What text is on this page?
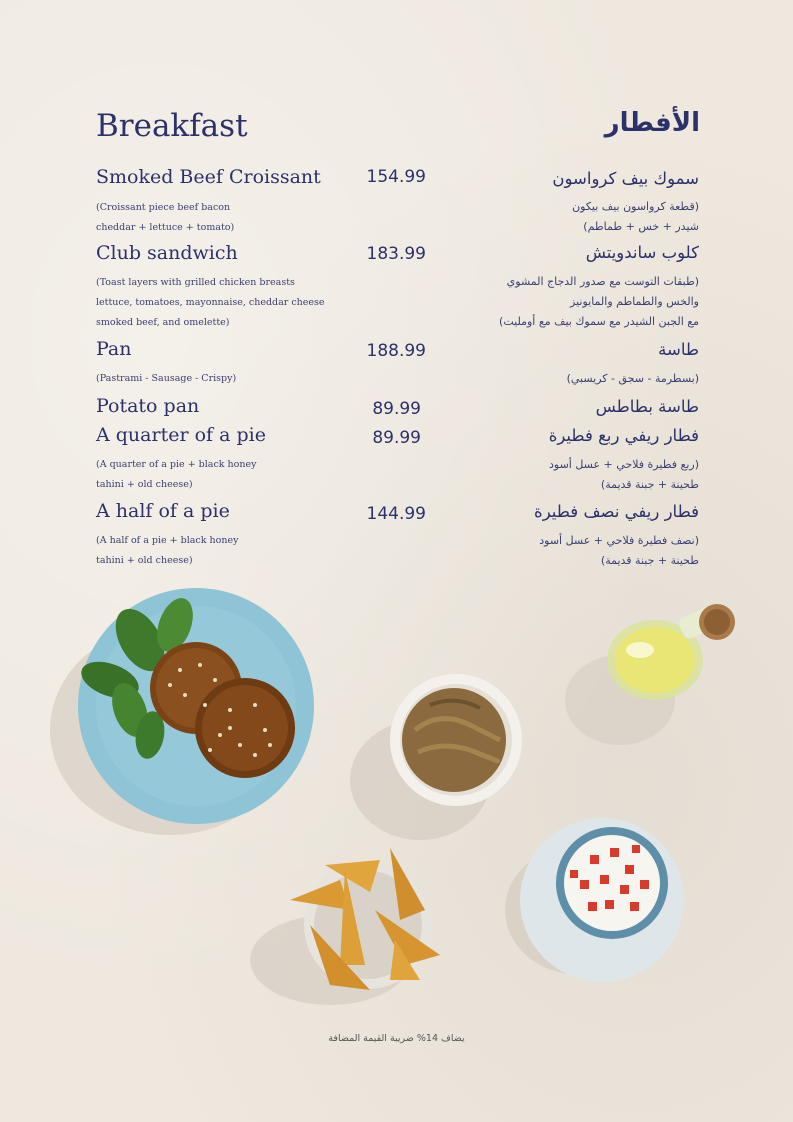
Breakfast	الأفطار
Smoked Beef Croissant	154.99	سموك بيف كرواسون
(Croissant piece beef bacon
cheddar + lettuce + tomato)
(قطعة كرواسون بيف بيكون
شيدر + خس + طماطم)
Club sandwich	183.99	كلوب ساندويتش
(Toast layers with grilled chicken breasts
lettuce, tomatoes, mayonnaise, cheddar cheese
smoked beef, and omelette)
(طبقات التوست مع صدور الدجاج المشوي
والخس والطماطم والمايونيز
مع الجبن الشيدر مع سموك بيف مع أومليت)
Pan	188.99	طاسة
(Pastrami - Sausage - Crispy)	(بسطرمة - سجق - كريسبي)
Potato pan	89.99	طاسة بطاطس
A quarter of a pie	89.99	فطار ريفي ربع فطيرة
(A quarter of a pie + black honey
tahini + old cheese)
(ربع فطيرة فلاحي + عسل أسود
طحينة + جبنة قديمة)
A half of a pie	144.99	فطار ريفي نصف فطيرة
(A half of a pie + black honey
tahini + old cheese)
(نصف فطيرة فلاحي + عسل أسود
طحينة + جبنة قديمة)
يضاف 14% ضريبة القيمة المضافة
